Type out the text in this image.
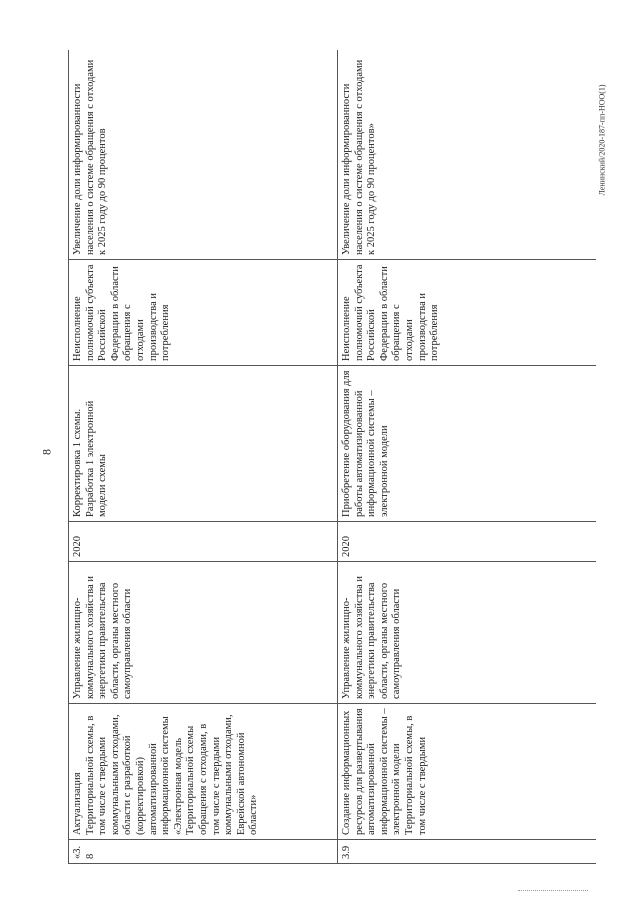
8
Ленинский/2020-187-пп-НОО(1)
«3.8	Актуализация Территориальной схемы, в том числе с твердыми коммунальными отходами, области с разработкой (корректировкой) автоматизированной информационной системы «Электронная модель Территориальной схемы обращения с отходами, в том числе с твердыми коммунальными отходами, Еврейской автономной области»	Управление жилищно-коммунального хозяйства и энергетики правительства области, органы местного самоуправления области	2020	Корректировка 1 схемы. Разработка 1 электронной модели схемы	Неисполнение полномочий субъекта Российской Федерации в области обращения с отходами производства и потребления	Увеличение доли информированности населения о системе обращения с отходами к 2025 году до 90 процентов
3.9	Создание информационных ресурсов для развертывания автоматизированной информационной системы – электронной модели Территориальной схемы, в том числе с твердыми	Управление жилищно-коммунального хозяйства и энергетики правительства области, органы местного самоуправления области	2020	Приобретение оборудования для работы автоматизированной информационной системы – электронной модели	Неисполнение полномочий субъекта Российской Федерации в области обращения с отходами производства и потребления	Увеличение доли информированности населения о системе обращения с отходами к 2025 году до 90 процентов»
